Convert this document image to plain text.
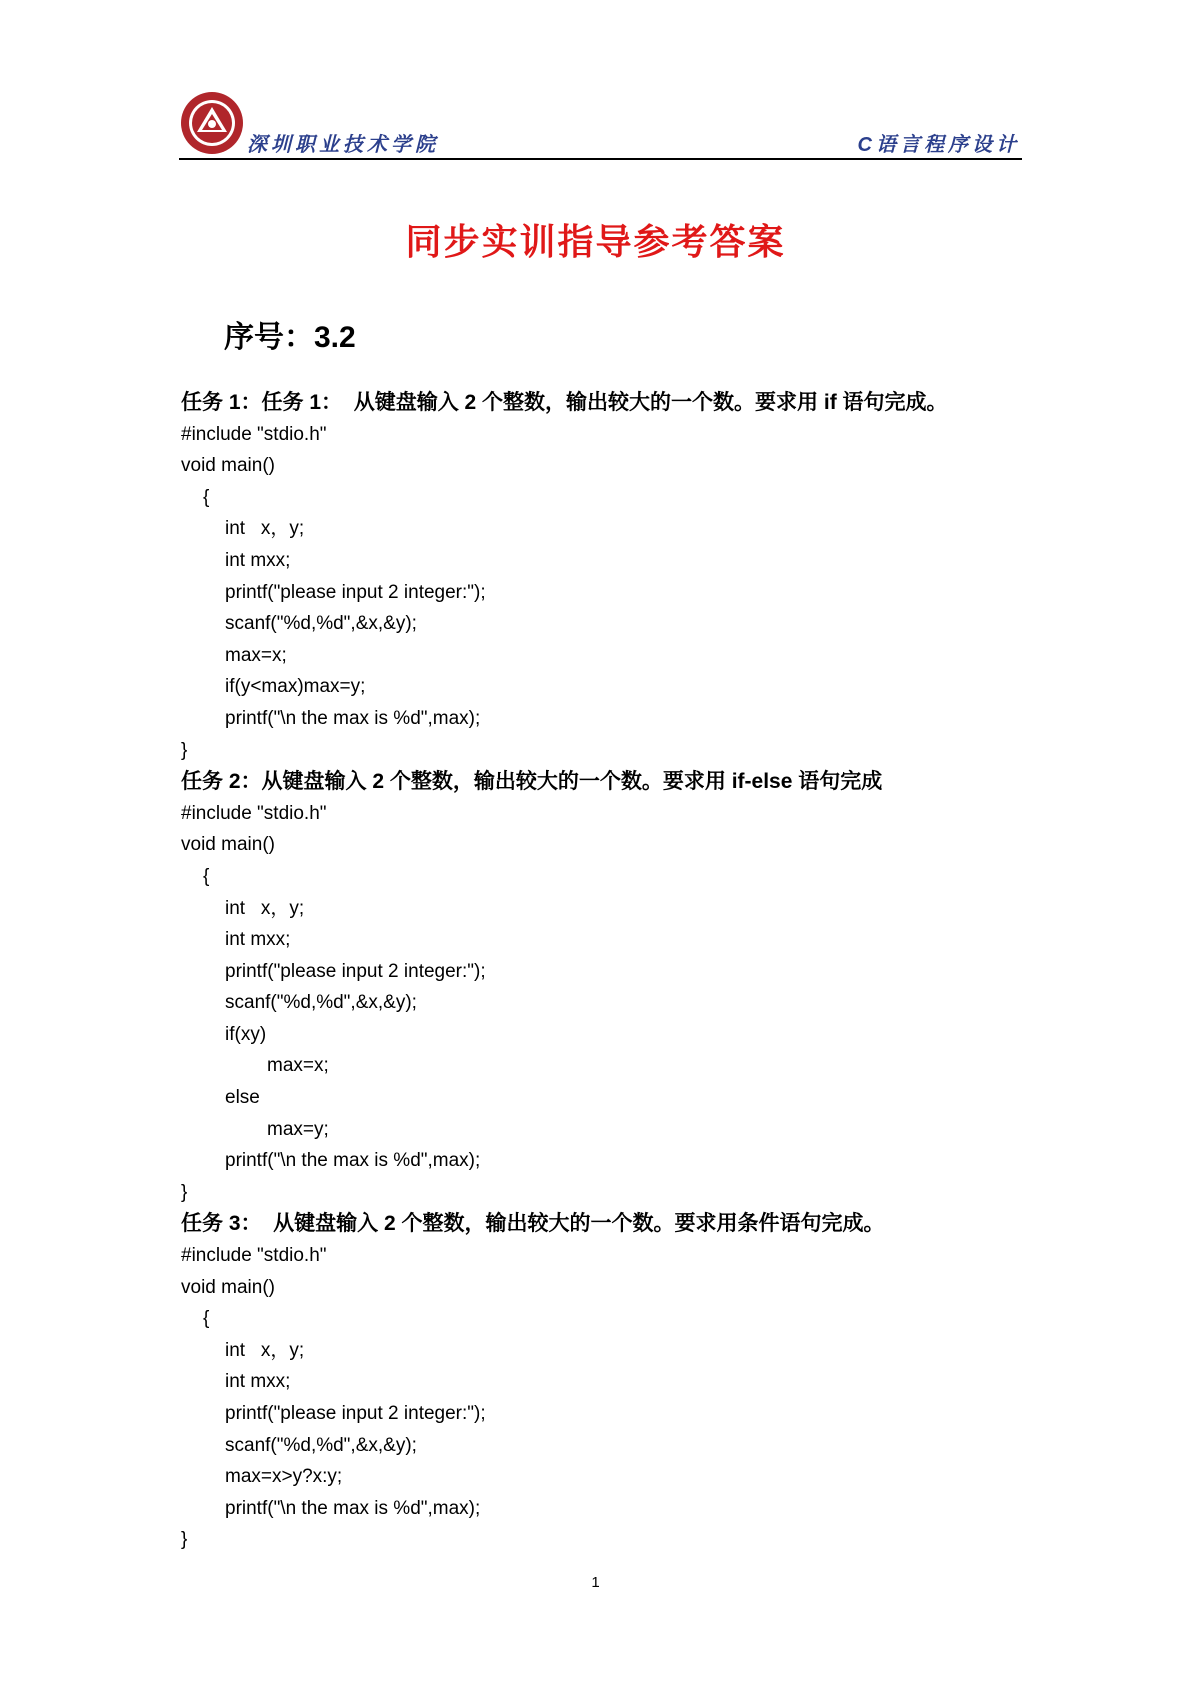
深圳职业技术学院	C语言程序设计
同步实训指导参考答案
序号：3.2
任务 1：任务 1：  从键盘输入 2 个整数，输出较大的一个数。要求用 if 语句完成。
#include "stdio.h"
void main()
{
int   x，y;
int mxx;
printf("please input 2 integer:");
scanf("%d,%d",&x,&y);
max=x;
if(y<max)max=y;
printf("\n the max is %d",max);
}
任务 2：从键盘输入 2 个整数，输出较大的一个数。要求用 if-else 语句完成
#include "stdio.h"
void main()
{
int   x，y;
int mxx;
printf("please input 2 integer:");
scanf("%d,%d",&x,&y);
if(xy)
max=x;
else
max=y;
printf("\n the max is %d",max);
}
任务 3：  从键盘输入 2 个整数，输出较大的一个数。要求用条件语句完成。
#include "stdio.h"
void main()
{
int   x，y;
int mxx;
printf("please input 2 integer:");
scanf("%d,%d",&x,&y);
max=x>y?x:y;
printf("\n the max is %d",max);
}
1
